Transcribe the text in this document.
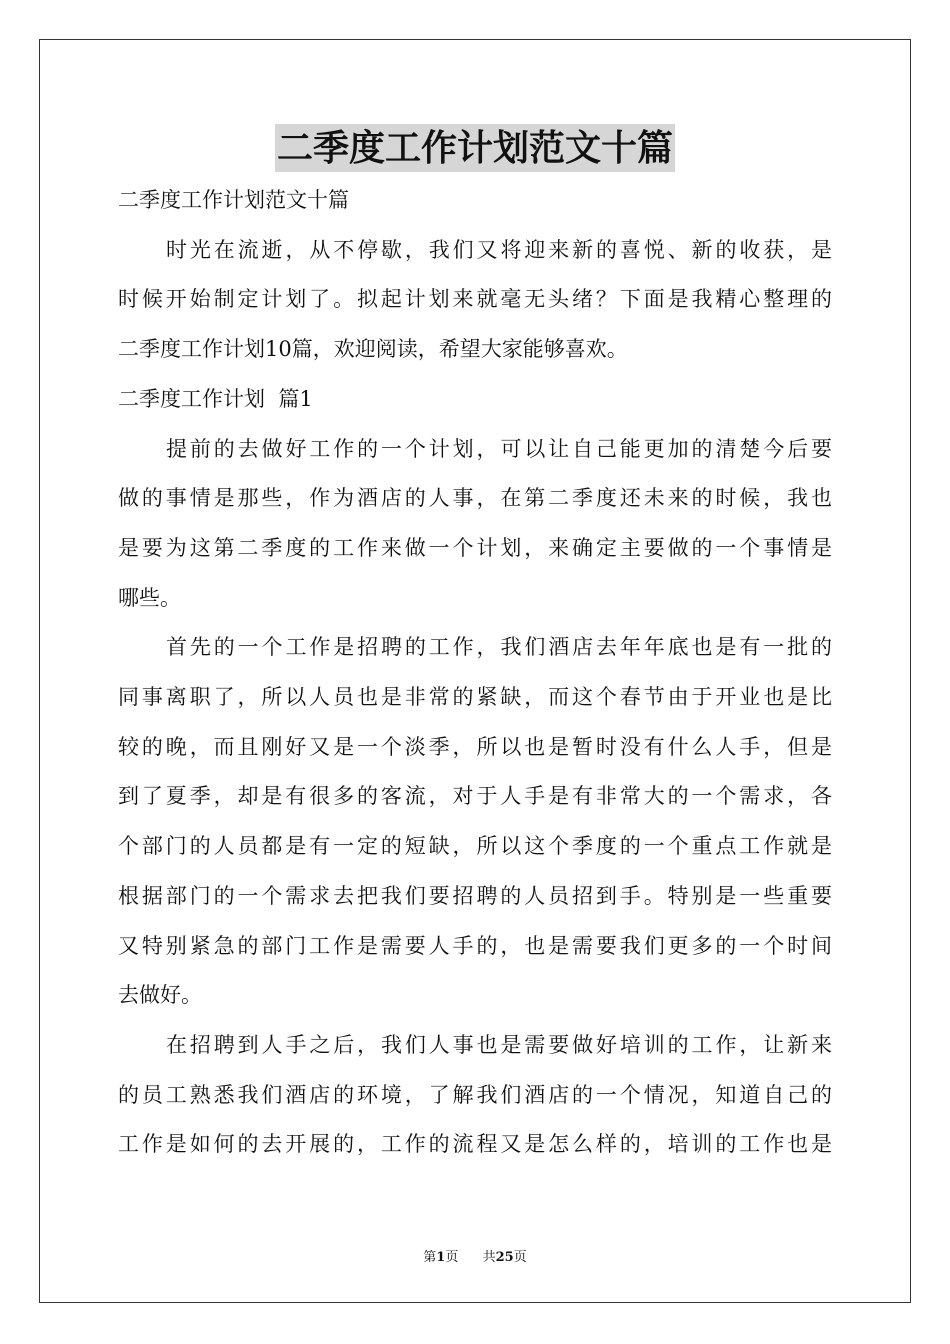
二季度工作计划范文十篇

二季度工作计划范文十篇

时光在流逝，从不停歇，我们又将迎来新的喜悦、新的收获，是

时候开始制定计划了。拟起计划来就毫无头绪？下面是我精心整理的

二季度工作计划10篇，欢迎阅读，希望大家能够喜欢。

二季度工作计划  篇1

提前的去做好工作的一个计划，可以让自己能更加的清楚今后要

做的事情是那些，作为酒店的人事，在第二季度还未来的时候，我也

是要为这第二季度的工作来做一个计划，来确定主要做的一个事情是

哪些。

首先的一个工作是招聘的工作，我们酒店去年年底也是有一批的

同事离职了，所以人员也是非常的紧缺，而这个春节由于开业也是比

较的晚，而且刚好又是一个淡季，所以也是暂时没有什么人手，但是

到了夏季，却是有很多的客流，对于人手是有非常大的一个需求，各

个部门的人员都是有一定的短缺，所以这个季度的一个重点工作就是

根据部门的一个需求去把我们要招聘的人员招到手。特别是一些重要

又特别紧急的部门工作是需要人手的，也是需要我们更多的一个时间

去做好。

在招聘到人手之后，我们人事也是需要做好培训的工作，让新来

的员工熟悉我们酒店的环境，了解我们酒店的一个情况，知道自己的

工作是如何的去开展的，工作的流程又是怎么样的，培训的工作也是

第1页 共25页
